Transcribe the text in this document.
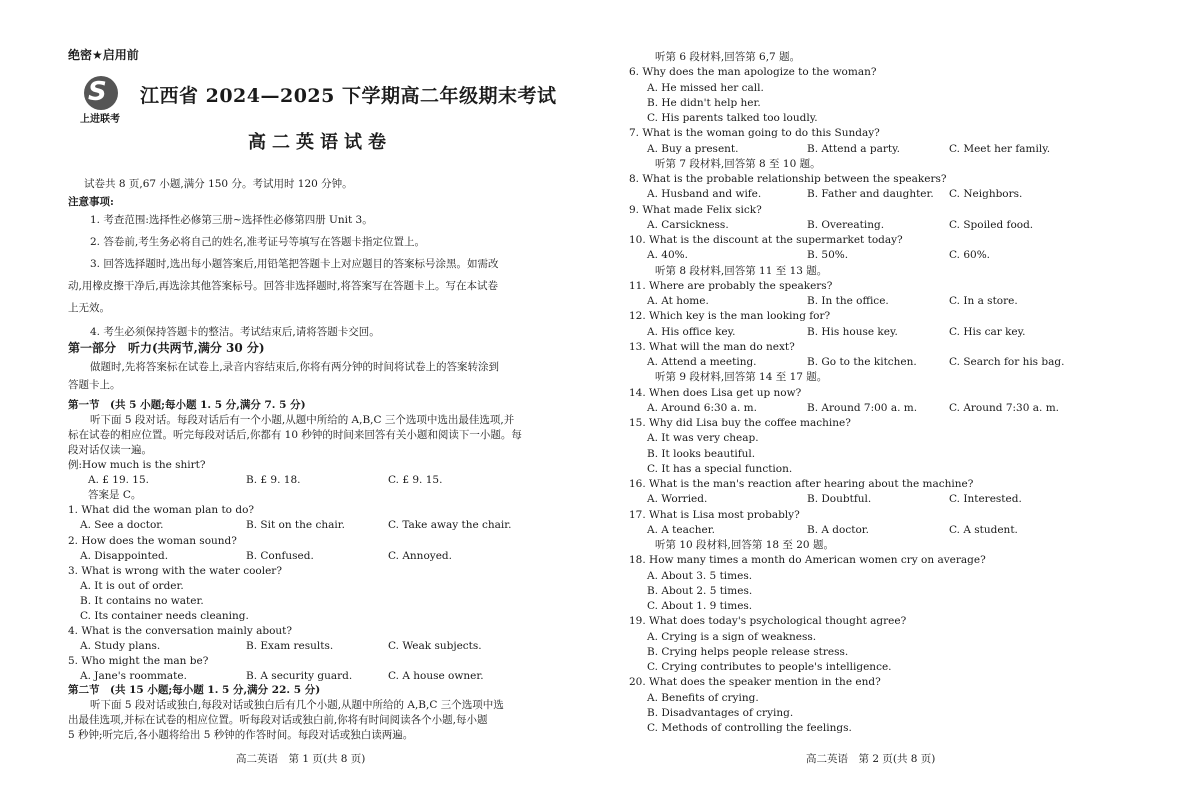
绝密★启用前
S
上进联考
江西省 2024—2025 下学期高二年级期末考试
高二英语试卷
试卷共 8 页,67 小题,满分 150 分。考试用时 120 分钟。
注意事项:
1. 考查范围:选择性必修第三册~选择性必修第四册 Unit 3。
2. 答卷前,考生务必将自己的姓名,准考证号等填写在答题卡指定位置上。
3. 回答选择题时,选出每小题答案后,用铅笔把答题卡上对应题目的答案标号涂黑。如需改
动,用橡皮擦干净后,再选涂其他答案标号。回答非选择题时,将答案写在答题卡上。写在本试卷
上无效。
4. 考生必须保持答题卡的整洁。考试结束后,请将答题卡交回。
第一部分　听力(共两节,满分 30 分)
做题时,先将答案标在试卷上,录音内容结束后,你将有两分钟的时间将试卷上的答案转涂到
答题卡上。
第一节　(共 5 小题;每小题 1. 5 分,满分 7. 5 分)
听下面 5 段对话。每段对话后有一个小题,从题中所给的 A,B,C 三个选项中选出最佳选项,并
标在试卷的相应位置。听完每段对话后,你都有 10 秒钟的时间来回答有关小题和阅读下一小题。每
段对话仅读一遍。
例:How much is the shirt?
A. £ 19. 15.	B. £ 9. 18.	C. £ 9. 15.
答案是 C。
1. What did the woman plan to do?
A. See a doctor.	B. Sit on the chair.	C. Take away the chair.
2. How does the woman sound?
A. Disappointed.	B. Confused.	C. Annoyed.
3. What is wrong with the water cooler?
A. It is out of order.
B. It contains no water.
C. Its container needs cleaning.
4. What is the conversation mainly about?
A. Study plans.	B. Exam results.	C. Weak subjects.
5. Who might the man be?
A. Jane's roommate.	B. A security guard.	C. A house owner.
第二节　(共 15 小题;每小题 1. 5 分,满分 22. 5 分)
听下面 5 段对话或独白,每段对话或独白后有几个小题,从题中所给的 A,B,C 三个选项中选
出最佳选项,并标在试卷的相应位置。听每段对话或独白前,你将有时间阅读各个小题,每小题
5 秒钟;听完后,各小题将给出 5 秒钟的作答时间。每段对话或独白读两遍。
高二英语　第 1 页(共 8 页)
听第 6 段材料,回答第 6,7 题。
6. Why does the man apologize to the woman?
A. He missed her call.
B. He didn't help her.
C. His parents talked too loudly.
7. What is the woman going to do this Sunday?
A. Buy a present.	B. Attend a party.	C. Meet her family.
听第 7 段材料,回答第 8 至 10 题。
8. What is the probable relationship between the speakers?
A. Husband and wife.	B. Father and daughter. C. Neighbors.
9. What made Felix sick?
A. Carsickness.	B. Overeating.	C. Spoiled food.
10. What is the discount at the supermarket today?
A. 40%.	B. 50%.	C. 60%.
听第 8 段材料,回答第 11 至 13 题。
11. Where are probably the speakers?
A. At home.	B. In the office.	C. In a store.
12. Which key is the man looking for?
A. His office key.	B. His house key.	C. His car key.
13. What will the man do next?
A. Attend a meeting.	B. Go to the kitchen.	C. Search for his bag.
听第 9 段材料,回答第 14 至 17 题。
14. When does Lisa get up now?
A. Around 6:30 a. m.	B. Around 7:00 a. m.	C. Around 7:30 a. m.
15. Why did Lisa buy the coffee machine?
A. It was very cheap.
B. It looks beautiful.
C. It has a special function.
16. What is the man's reaction after hearing about the machine?
A. Worried.	B. Doubtful.	C. Interested.
17. What is Lisa most probably?
A. A teacher.	B. A doctor.	C. A student.
听第 10 段材料,回答第 18 至 20 题。
18. How many times a month do American women cry on average?
A. About 3. 5 times.
B. About 2. 5 times.
C. About 1. 9 times.
19. What does today's psychological thought agree?
A. Crying is a sign of weakness.
B. Crying helps people release stress.
C. Crying contributes to people's intelligence.
20. What does the speaker mention in the end?
A. Benefits of crying.
B. Disadvantages of crying.
C. Methods of controlling the feelings.
高二英语　第 2 页(共 8 页)
